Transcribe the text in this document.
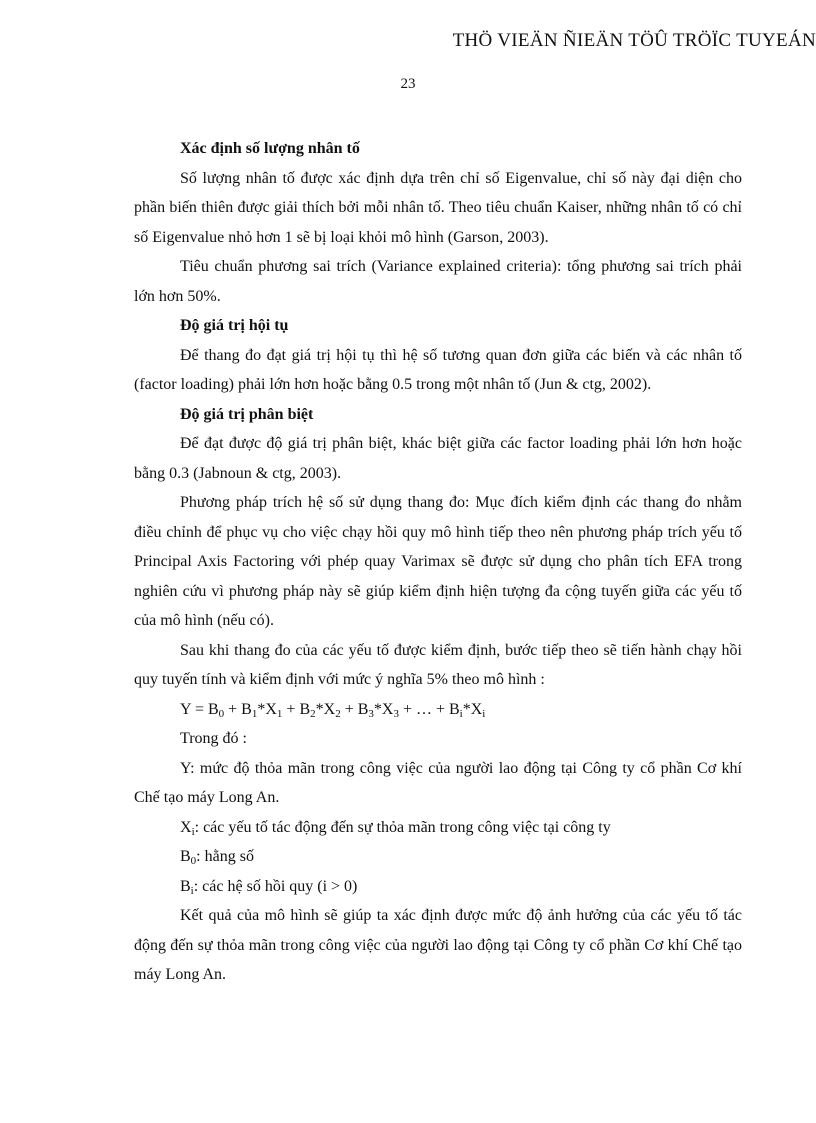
THÖ VIEÄN ÑIEÄN TÖÛ TRÖÏC TUYEÁN
23

Xác định số lượng nhân tố

Số lượng nhân tố được xác định dựa trên chỉ số Eigenvalue, chỉ số này đại diện cho phần biến thiên được giải thích bởi mỗi nhân tố. Theo tiêu chuẩn Kaiser, những nhân tố có chỉ số Eigenvalue nhỏ hơn 1 sẽ bị loại khỏi mô hình (Garson, 2003).

Tiêu chuẩn phương sai trích (Variance explained criteria): tổng phương sai trích phải lớn hơn 50%.

Độ giá trị hội tụ

Để thang đo đạt giá trị hội tụ thì hệ số tương quan đơn giữa các biến và các nhân tố (factor loading) phải lớn hơn hoặc bằng 0.5 trong một nhân tố (Jun & ctg, 2002).

Độ giá trị phân biệt

Để đạt được độ giá trị phân biệt, khác biệt giữa các factor loading phải lớn hơn hoặc bằng 0.3 (Jabnoun & ctg, 2003).

Phương pháp trích hệ số sử dụng thang đo: Mục đích kiểm định các thang đo nhằm điều chỉnh để phục vụ cho việc chạy hồi quy mô hình tiếp theo nên phương pháp trích yếu tố Principal Axis Factoring với phép quay Varimax sẽ được sử dụng cho phân tích EFA trong nghiên cứu vì phương pháp này sẽ giúp kiểm định hiện tượng đa cộng tuyến giữa các yếu tố của mô hình (nếu có).

Sau khi thang đo của các yếu tố được kiểm định, bước tiếp theo sẽ tiến hành chạy hồi quy tuyến tính và kiểm định với mức ý nghĩa 5% theo mô hình :

$Y = B_0 + B_1*X_1 + B_2*X_2 + B_3*X_3$ + … + $B_i*X_i$

Trong đó :

Y: mức độ thỏa mãn trong công việc của người lao động tại Công ty cổ phần Cơ khí Chế tạo máy Long An.

$X_i$: các yếu tố tác động đến sự thỏa mãn trong công việc tại công ty

$B_0$: hằng số

$B_i$: các hệ số hồi quy (i > 0)

Kết quả của mô hình sẽ giúp ta xác định được mức độ ảnh hưởng của các yếu tố tác động đến sự thỏa mãn trong công việc của người lao động tại Công ty cổ phần Cơ khí Chế tạo máy Long An.
